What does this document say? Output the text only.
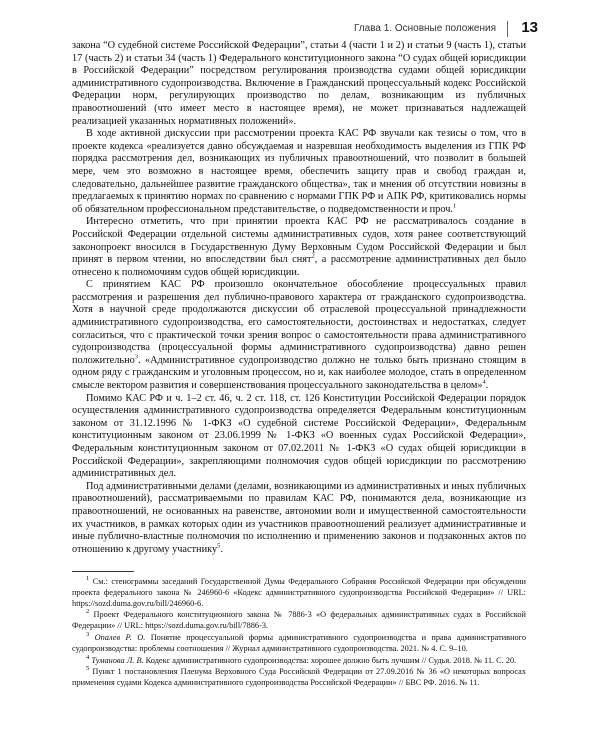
Глава 1. Основные положения 13

закона “О судебной системе Российской Федерации”, статьи 4 (части 1 и 2) и статьи 9 (часть 1), статьи 17 (часть 2) и статьи 34 (часть 1) Федерального конституционного закона “О судах общей юрисдикции в Российской Федерации” посредством регулирования производства судами общей юрисдикции административного судопроизводства. Включение в Гражданский процессуальный кодекс Российской Федерации норм, регулирующих производство по делам, возникающим из публичных правоотношений (что имеет место в настоящее время), не может признаваться надлежащей реализацией указанных нормативных положений».

В ходе активной дискуссии при рассмотрении проекта КАС РФ звучали как тезисы о том, что в проекте кодекса «реализуется давно обсуждаемая и назревшая необходимость выделения из ГПК РФ порядка рассмотрения дел, возникающих из публичных правоотношений, что позволит в большей мере, чем это возможно в настоящее время, обеспечить защиту прав и свобод граждан и, следовательно, дальнейшее развитие гражданского общества», так и мнения об отсутствии новизны в предлагаемых к принятию нормах по сравнению с нормами ГПК РФ и АПК РФ, критиковались нормы об обязательном профессиональном представительстве, о подведомственности и проч.$^1$

Интересно отметить, что при принятии проекта КАС РФ не рассматривалось создание в Российской Федерации отдельной системы административных судов, хотя ранее соответствующий законопроект вносился в Государственную Думу Верховным Судом Российской Федерации и был принят в первом чтении, но впоследствии был снят$^2$, а рассмотрение административных дел было отнесено к полномочиям судов общей юрисдикции.

С принятием КАС РФ произошло окончательное обособление процессуальных правил рассмотрения и разрешения дел публично-правового характера от гражданского судопроизводства. Хотя в научной среде продолжаются дискуссии об отраслевой процессуальной принадлежности административного судопроизводства, его самостоятельности, достоинствах и недостатках, следует согласиться, что с практической точки зрения вопрос о самостоятельности права административного судопроизводства (процессуальной формы административного судопроизводства) давно решен положительно$^3$. «Административное судопроизводство должно не только быть признано стоящим в одном ряду с гражданским и уголовным процессом, но и, как наиболее молодое, стать в определенном смысле вектором развития и совершенствования процессуального законодательства в целом»$^4$.

Помимо КАС РФ и ч. 1–2 ст. 46, ч. 2 ст. 118, ст. 126 Конституции Российской Федерации порядок осуществления административного судопроизводства определяется Федеральным конституционным законом от 31.12.1996 № 1-ФКЗ «О судебной системе Российской Федерации», Федеральным конституционным законом от 23.06.1999 № 1-ФКЗ «О военных судах Российской Федерации», Федеральным конституционным законом от 07.02.2011 № 1-ФКЗ «О судах общей юрисдикции в Российской Федерации», закрепляющими полномочия судов общей юрисдикции по рассмотрению административных дел.

Под административными делами (делами, возникающими из административных и иных публичных правоотношений), рассматриваемыми по правилам КАС РФ, понимаются дела, возникающие из правоотношений, не основанных на равенстве, автономии воли и имущественной самостоятельности их участников, в рамках которых один из участников правоотношений реализует административные и иные публично-властные полномочия по исполнению и применению законов и подзаконных актов по отношению к другому участнику$^5$.

$^1$ См.: стенограммы заседаний Государственной Думы Федерального Собрания Российской Федерации при обсуждении проекта федерального закона № 246960-6 «Кодекс административного судопроизводства Российской Федерации» // URL: https://sozd.duma.gov.ru/bill/246960-6.

$^2$ Проект Федерального конституционного закона № 7886-3 «О федеральных административных судах в Российской Федерации» // URL: https://sozd.duma.gov.ru/bill/7886-3.

$^3$ Опалев Р. О. Понятие процессуальной формы административного судопроизводства и права административного судопроизводства: проблемы соотношения // Журнал административного судопроизводства. 2021. № 4. С. 9–10.

$^4$ Туманова Л. В. Кодекс административного судопроизводства: хорошее должно быть лучшим // Судья. 2018. № 11. С. 20.

$^5$ Пункт 1 постановления Пленума Верховного Суда Российской Федерации от 27.09.2016 № 36 «О некоторых вопросах применения судами Кодекса административного судопроизводства Российской Федерации» // БВС РФ. 2016. № 11.
